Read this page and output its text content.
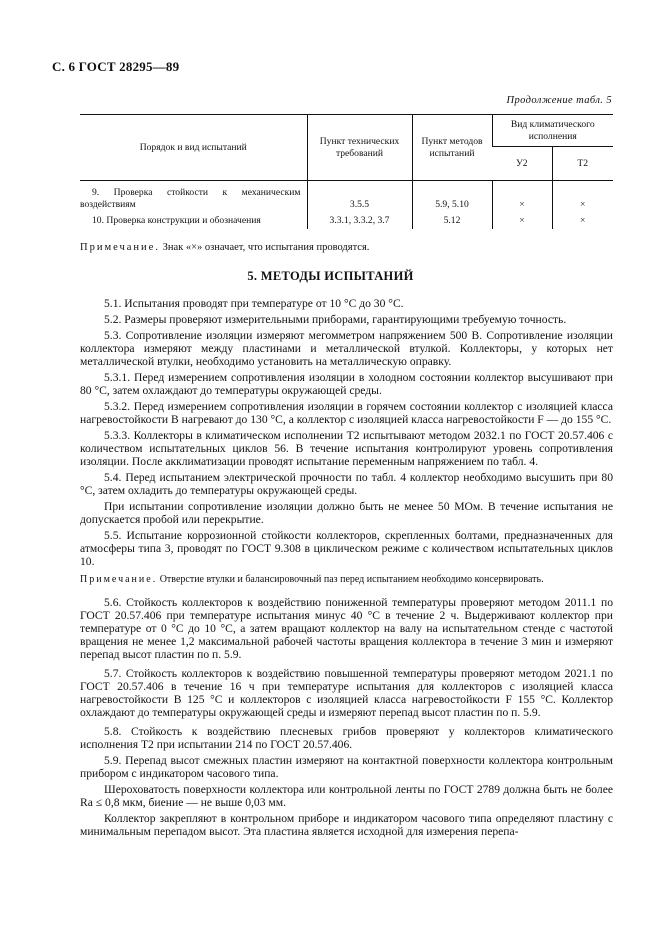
С. 6 ГОСТ 28295—89
Продолжение табл. 5
Порядок и вид испытаний	Пункт технических требований	Пункт методов испытаний	Вид климатического исполнения	
			У2	Т2
9. Проверка стойкости к механическим воздействиям	3.5.5	5.9, 5.10	×	×
10. Проверка конструкции и обозначения	3.3.1, 3.3.2, 3.7	5.12	×	×
Примечание. Знак «×» означает, что испытания проводятся.
5. МЕТОДЫ ИСПЫТАНИЙ

5.1. Испытания проводят при температуре от 10 °С до 30 °С.

5.2. Размеры проверяют измерительными приборами, гарантирующими требуемую точность.

5.3. Сопротивление изоляции измеряют мегомметром напряжением 500 В. Сопротивление изоляции коллектора измеряют между пластинами и металлической втулкой. Коллекторы, у которых нет металлической втулки, необходимо установить на металлическую оправку.

5.3.1. Перед измерением сопротивления изоляции в холодном состоянии коллектор высушивают при 80 °С, затем охлаждают до температуры окружающей среды.

5.3.2. Перед измерением сопротивления изоляции в горячем состоянии коллектор с изоляцией класса нагревостойкости В нагревают до 130 °С, а коллектор с изоляцией класса нагревостойкости F — до 155 °С.

5.3.3. Коллекторы в климатическом исполнении Т2 испытывают методом 2032.1 по ГОСТ 20.57.406 с количеством испытательных циклов 56. В течение испытания контролируют уровень сопротивления изоляции. После акклиматизации проводят испытание переменным напряжением по табл. 4.

5.4. Перед испытанием электрической прочности по табл. 4 коллектор необходимо высушить при 80 °С, затем охладить до температуры окружающей среды.

При испытании сопротивление изоляции должно быть не менее 50 МОм. В течение испытания не допускается пробой или перекрытие.

5.5. Испытание коррозионной стойкости коллекторов, скрепленных болтами, предназначенных для атмосферы типа 3, проводят по ГОСТ 9.308 в циклическом режиме с количеством испытательных циклов 10.

Примечание. Отверстие втулки и балансировочный паз перед испытанием необходимо консервировать.

5.6. Стойкость коллекторов к воздействию пониженной температуры проверяют методом 2011.1 по ГОСТ 20.57.406 при температуре испытания минус 40 °С в течение 2 ч. Выдерживают коллектор при температуре от 0 °С до 10 °С, а затем вращают коллектор на валу на испытательном стенде с частотой вращения не менее 1,2 максимальной рабочей частоты вращения коллектора в течение 3 мин и измеряют перепад высот пластин по п. 5.9.

5.7. Стойкость коллекторов к воздействию повышенной температуры проверяют методом 2021.1 по ГОСТ 20.57.406 в течение 16 ч при температуре испытания для коллекторов с изоляцией класса нагревостойкости В 125 °С и коллекторов с изоляцией класса нагревостойкости F 155 °С. Коллектор охлаждают до температуры окружающей среды и измеряют перепад высот пластин по п. 5.9.

5.8. Стойкость к воздействию плесневых грибов проверяют у коллекторов климатического исполнения Т2 при испытании 214 по ГОСТ 20.57.406.

5.9. Перепад высот смежных пластин измеряют на контактной поверхности коллектора контрольным прибором с индикатором часового типа.

Шероховатость поверхности коллектора или контрольной ленты по ГОСТ 2789 должна быть не более Ra ≤ 0,8 мкм, биение — не выше 0,03 мм.

Коллектор закрепляют в контрольном приборе и индикатором часового типа определяют пластину с минимальным перепадом высот. Эта пластина является исходной для измерения перепа-
